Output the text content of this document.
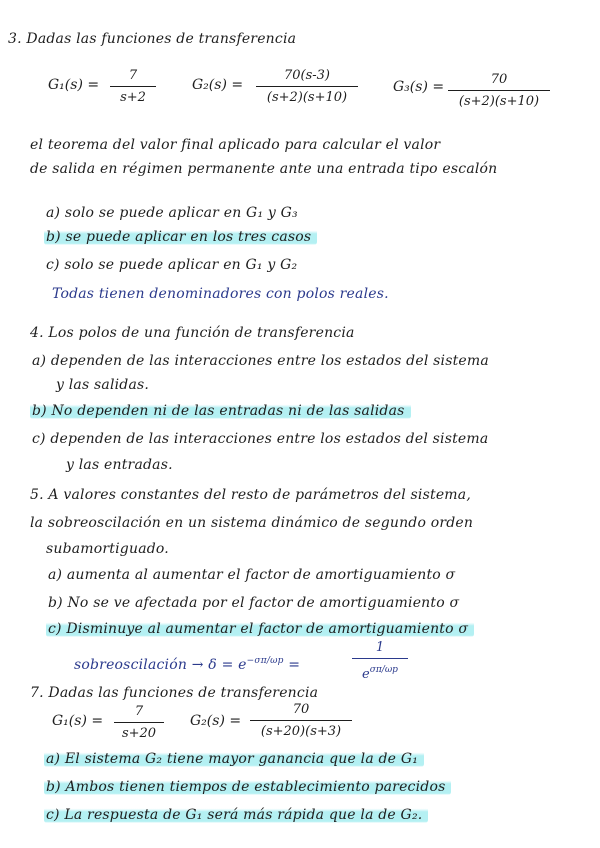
3. Dadas las funciones de transferencia
G₁(s) =
7
s+2
G₂(s) =
70(s-3)
(s+2)(s+10)
G₃(s) =	70
(s+2)(s+10)
el teorema del valor final aplicado para calcular el valor
de salida en régimen permanente ante una entrada tipo escalón
a) solo se puede aplicar en G₁ y G₃
b) se puede aplicar en los tres casos
c) solo se puede aplicar en G₁ y G₂
Todas tienen denominadores con polos reales.
4. Los polos de una función de transferencia
a) dependen de las interacciones entre los estados del sistema
y las salidas.
b) No dependen ni de las entradas ni de las salidas
c) dependen de las interacciones entre los estados del sistema
y las entradas.
5. A valores constantes del resto de parámetros del sistema,
la sobreoscilación en un sistema dinámico de segundo orden
subamortiguado.
a) aumenta al aumentar el factor de amortiguamiento σ
b) No se ve afectada por el factor de amortiguamiento σ
c) Disminuye al aumentar el factor de amortiguamiento σ
sobreoscilación → $\delta = e^{-\sigma\pi/\omega p}$ =
1
$e^{\sigma\pi/\omega p}$
7. Dadas las funciones de transferencia
G₁(s) =
7
s+20
G₂(s) =
70
(s+20)(s+3)
a) El sistema G₂ tiene mayor ganancia que la de G₁
b) Ambos tienen tiempos de establecimiento parecidos
c) La respuesta de G₁ será más rápida que la de G₂.
